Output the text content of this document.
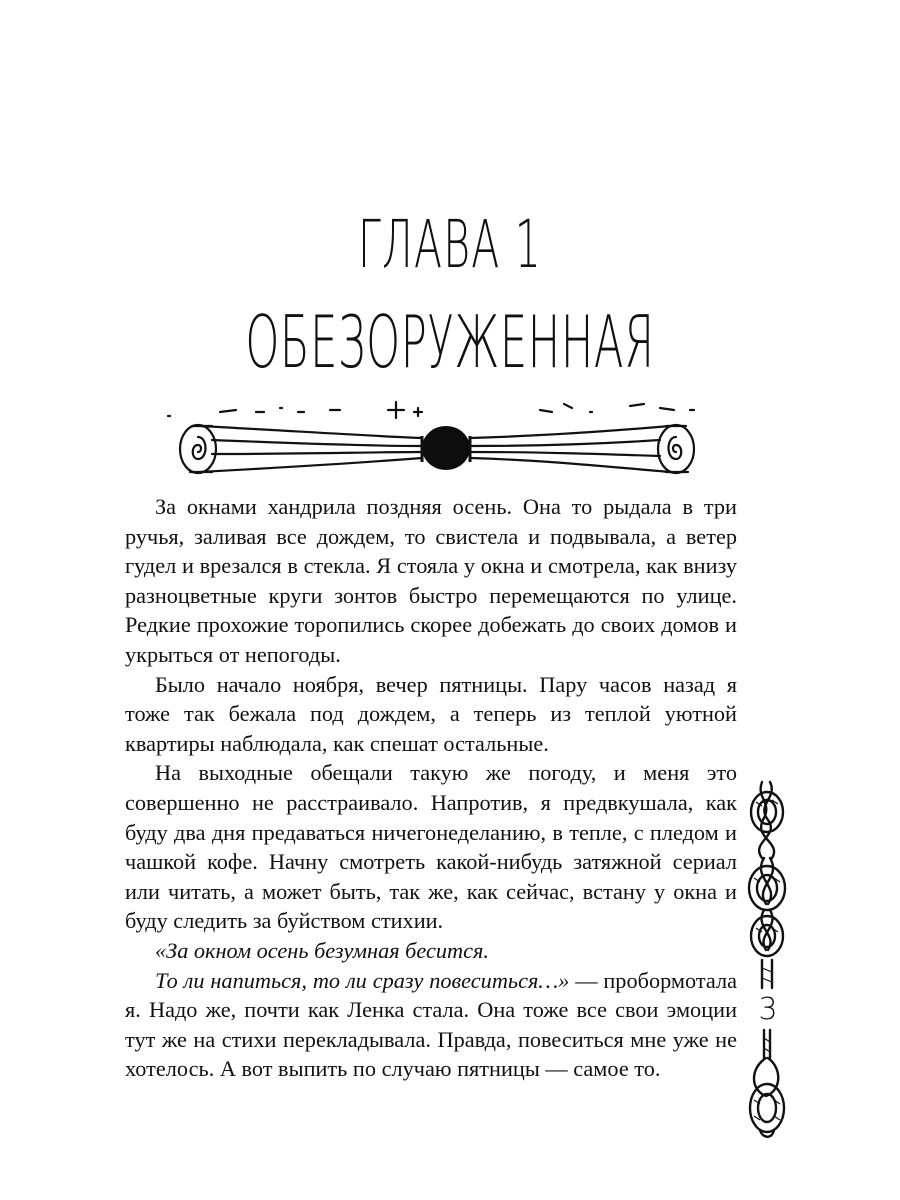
ГЛАВА 1
ОБЕЗОРУЖЕННАЯ

За окнами хандрила поздняя осень. Она то рыдала в три ручья, заливая все дождем, то свистела и подвывала, а ветер гудел и врезался в стекла. Я стояла у окна и смотрела, как внизу разноцветные круги зонтов быстро перемещаются по улице. Редкие прохожие торопились скорее добежать до своих домов и укрыться от непогоды.

Было начало ноября, вечер пятницы. Пару часов назад я тоже так бежала под дождем, а теперь из теплой уютной квартиры наблюдала, как спешат остальные.

На выходные обещали такую же погоду, и меня это совершенно не расстраивало. Напротив, я предвкушала, как буду два дня предаваться ничегонеделанию, в тепле, с пледом и чашкой кофе. Начну смотреть какой-нибудь затяжной сериал или читать, а может быть, так же, как сейчас, встану у окна и буду следить за буйством стихии.

«За окном осень безумная бесится.

То ли напиться, то ли сразу повеситься…» — пробормотала я. Надо же, почти как Ленка стала. Она тоже все свои эмоции тут же на стихи перекладывала. Правда, повеситься мне уже не хотелось. А вот выпить по случаю пятницы — самое то.

3
